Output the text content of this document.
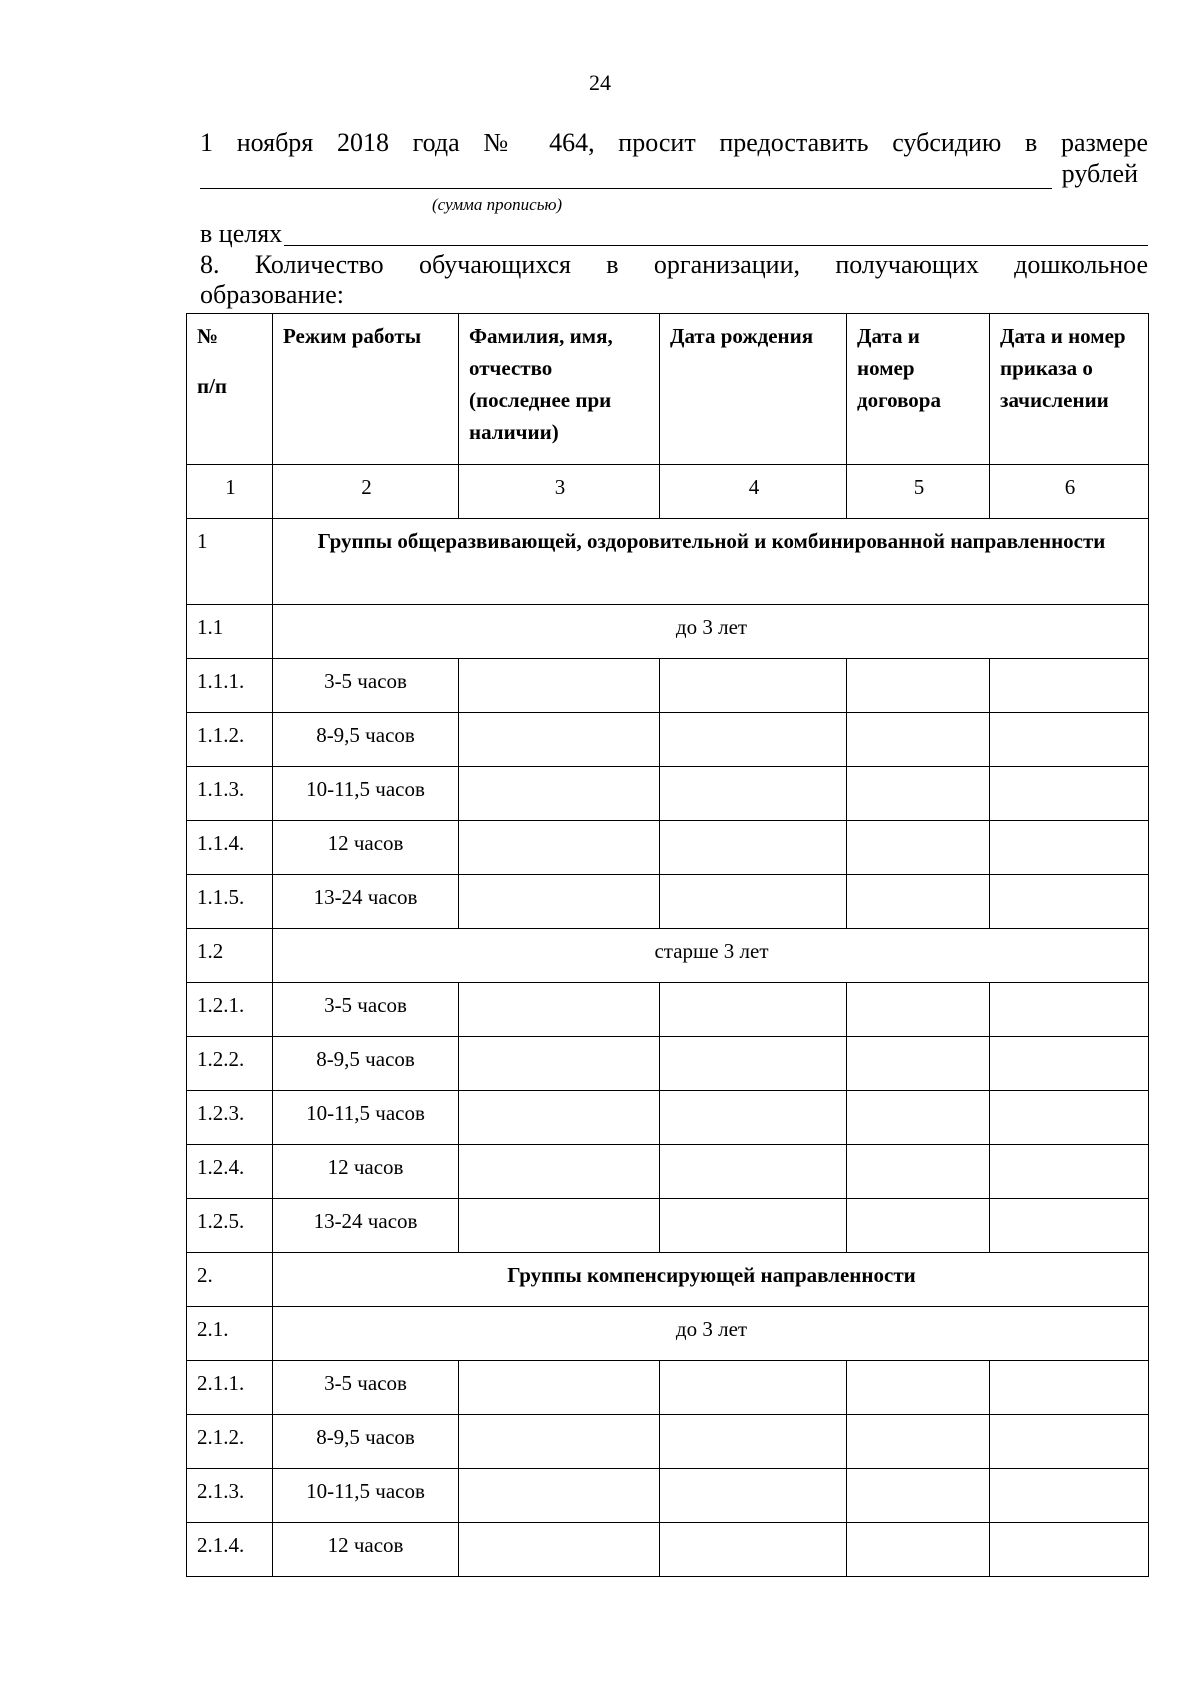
24
1 ноября 2018 года № 464, просит предоставить субсидию в размере
рублей
(сумма прописью)
в целях
8. Количество обучающихся в организации, получающих дошкольное
образование:
№
п/п	Режим работы	Фамилия, имя, отчество (последнее при наличии)	Дата рождения	Дата и номер договора	Дата и номер приказа о зачислении
1	2	3	4	5	6
1	Группы общеразвивающей, оздоровительной и комбинированной направленности				
1.1	до 3 лет				
1.1.1.	3-5 часов				
1.1.2.	8-9,5 часов				
1.1.3.	10-11,5 часов				
1.1.4.	12 часов				
1.1.5.	13-24 часов				
1.2	старше 3 лет				
1.2.1.	3-5 часов				
1.2.2.	8-9,5 часов				
1.2.3.	10-11,5 часов				
1.2.4.	12 часов				
1.2.5.	13-24 часов				
2.	Группы компенсирующей направленности				
2.1.	до 3 лет				
2.1.1.	3-5 часов				
2.1.2.	8-9,5 часов				
2.1.3.	10-11,5 часов				
2.1.4.	12 часов				
